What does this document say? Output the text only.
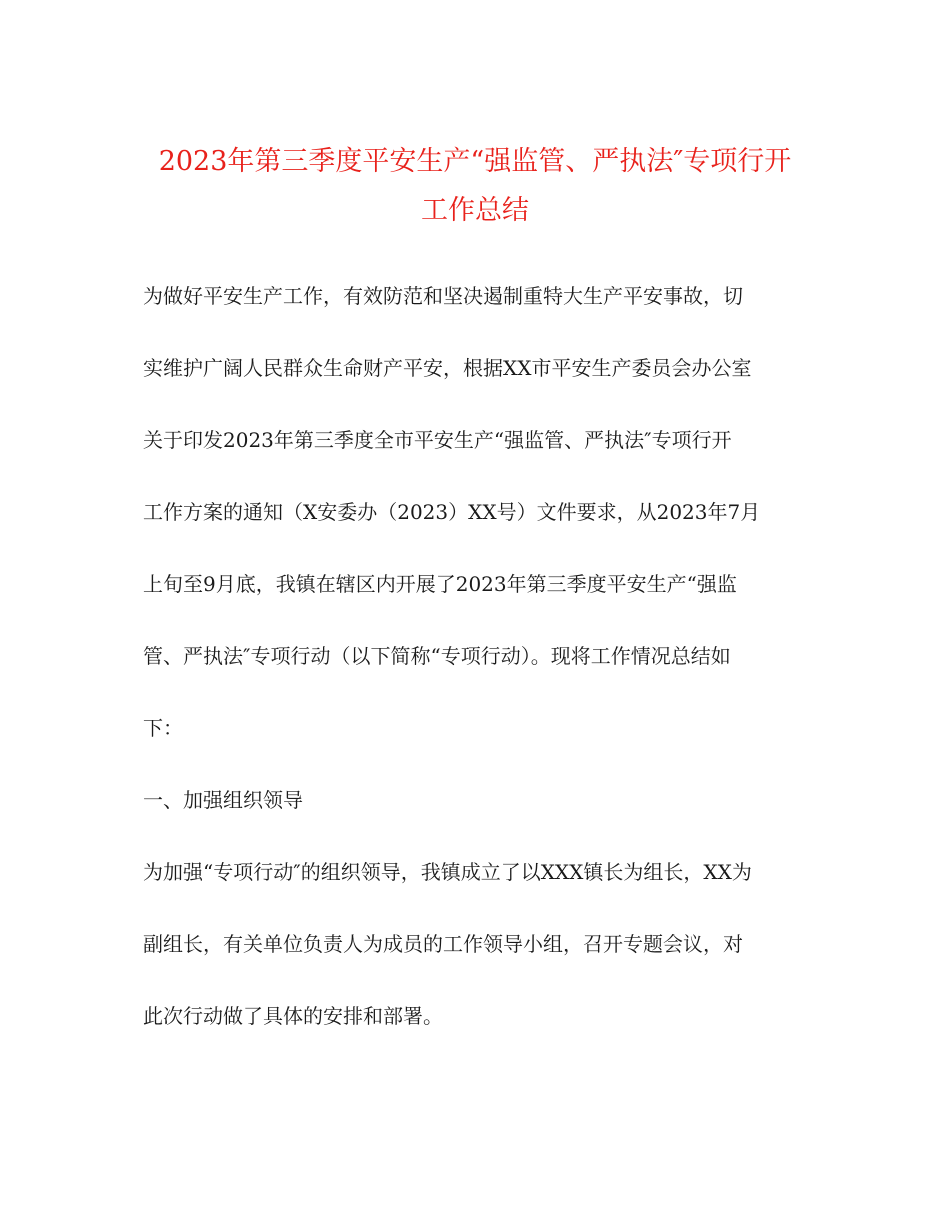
2023年第三季度平安生产“强监管、严执法″专项行开
工作总结

为做好平安生产工作，有效防范和坚决遏制重特大生产平安事故，切

实维护广阔人民群众生命财产平安，根据XX市平安生产委员会办公室

关于印发2023年第三季度全市平安生产“强监管、严执法″专项行开

工作方案的通知（X安委办（2023）XX号）文件要求，从2023年7月

上旬至9月底，我镇在辖区内开展了2023年第三季度平安生产“强监

管、严执法″专项行动（以下简称“专项行动）。现将工作情况总结如

下：

一、加强组织领导

为加强“专项行动″的组织领导，我镇成立了以XXX镇长为组长，XX为

副组长，有关单位负责人为成员的工作领导小组，召开专题会议，对

此次行动做了具体的安排和部署。
